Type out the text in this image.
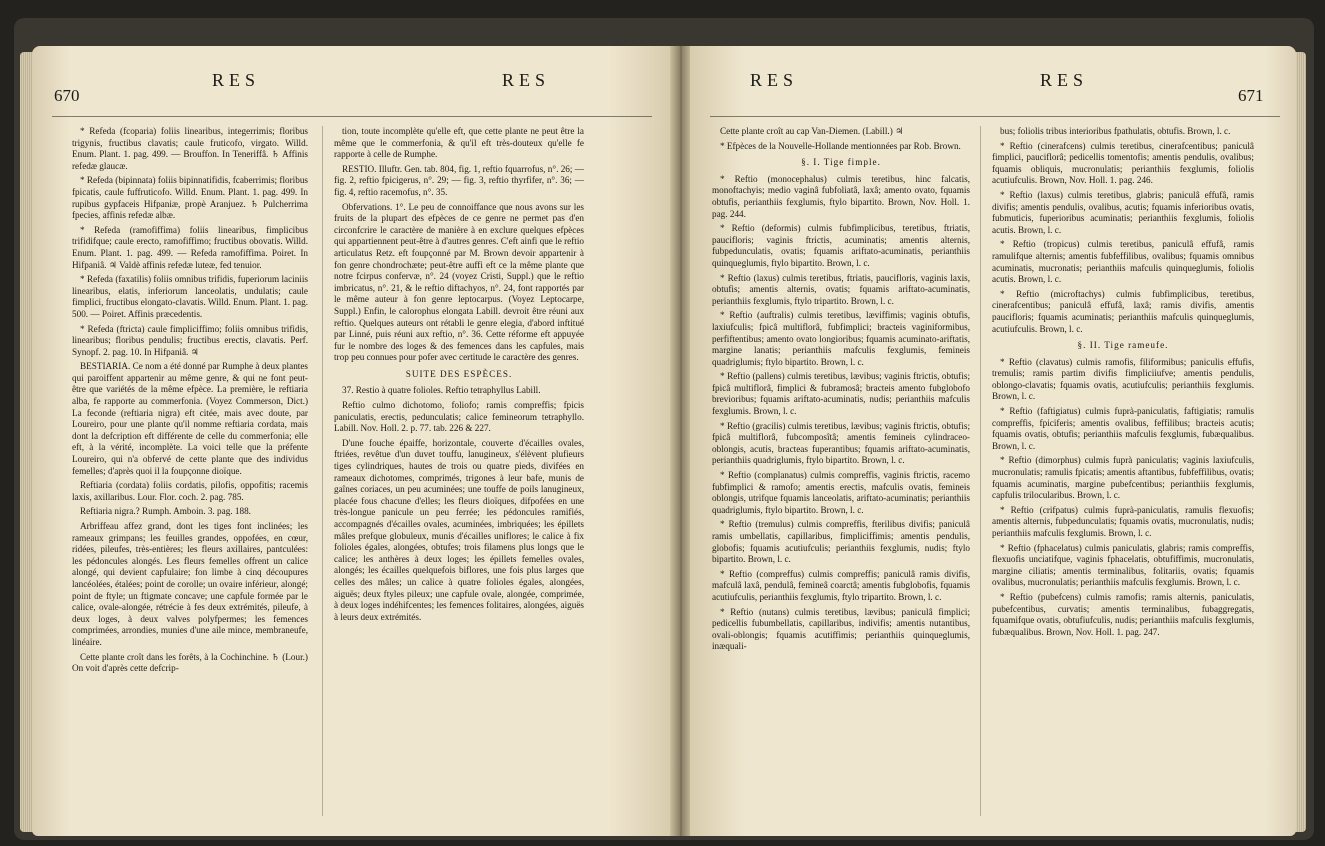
670
RES	RES

* Refeda (fcoparia) foliis linearibus, integerrimis; floribus trigynis, fructibus clavatis; caule fruticofo, virgato. Willd. Enum. Plant. 1. pag. 499. — Brouffon. In Teneriffâ. ♄ Affinis refedæ glaucæ.

* Refeda (bipinnata) foliis bipinnatifidis, fcaberrimis; floribus fpicatis, caule fuffruticofo. Willd. Enum. Plant. 1. pag. 499. In rupibus gypfaceis Hifpaniæ, propè Aranjuez. ♄ Pulcherrima fpecies, affinis refedæ albæ.

* Refeda (ramofiffima) foliis linearibus, fimplicibus trifidifque; caule erecto, ramofiffimo; fructibus obovatis. Willd. Enum. Plant. 1. pag. 499. — Refeda ramofiffima. Poiret. In Hifpaniâ. ♃ Valdè affinis refedæ luteæ, fed tenuior.

* Refeda (faxatilis) foliis omnibus trifidis, fuperiorum laciniis linearibus, elatis, inferiorum lanceolatis, undulatis; caule fimplici, fructibus elongato-clavatis. Willd. Enum. Plant. 1. pag. 500. — Poiret. Affinis præcedentis.

* Refeda (ftricta) caule fimpliciffimo; foliis omnibus trifidis, linearibus; floribus pendulis; fructibus erectis, clavatis. Perf. Synopf. 2. pag. 10. In Hifpaniâ. ♃

BESTIARIA. Ce nom a été donné par Rumphe à deux plantes qui paroiffent appartenir au même genre, & qui ne font peut-être que variétés de la même efpèce. La première, le reftiaria alba, fe rapporte au commerfonia. (Voyez Commerson, Dict.) La feconde (reftiaria nigra) eft citée, mais avec doute, par Loureiro, pour une plante qu'il nomme reftiaria cordata, mais dont la defcription eft différente de celle du commerfonia; elle eft, à la vérité, incomplète. La voici telle que la préfente Loureiro, qui n'a obfervé de cette plante que des individus femelles; d'après quoi il la foupçonne dioïque.

Reftiaria (cordata) foliis cordatis, pilofis, oppofitis; racemis laxis, axillaribus. Lour. Flor. coch. 2. pag. 785.

Reftiaria nigra.? Rumph. Amboin. 3. pag. 188.

Arbriffeau affez grand, dont les tiges font inclinées; les rameaux grimpans; les feuilles grandes, oppofées, en cœur, ridées, pileufes, très-entières; les fleurs axillaires, pantculées: les pédoncules alongés. Les fleurs femelles offrent un calice alongé, qui devient capfulaire; fon limbe à cinq découpures lancéolées, étalées; point de corolle; un ovaire inférieur, alongé; point de ftyle; un ftigmate concave; une capfule formée par le calice, ovale-alongée, rétrécie à fes deux extrémités, pileufe, à deux loges, à deux valves polyfpermes; les femences comprimées, arrondies, munies d'une aile mince, membraneufe, linéaire.

Cette plante croît dans les forêts, à la Cochinchine. ♄ (Lour.) On voit d'après cette defcrip-

tion, toute incomplète qu'elle eft, que cette plante ne peut être la même que le commerfonia, & qu'il eft très-douteux qu'elle fe rapporte à celle de Rumphe.

RESTIO. Illuftr. Gen. tab. 804, fig. 1, reftio fquarrofus, n°. 26; — fig. 2, reftio fpicigerus, n°. 29; — fig. 3, reftio thyrfifer, n°. 36; — fig. 4, reftio racemofus, n°. 35.

Obfervations. 1°. Le peu de connoiffance que nous avons sur les fruits de la plupart des efpèces de ce genre ne permet pas d'en circonfcrire le caractère de manière à en exclure quelques efpèces qui appartiennent peut-être à d'autres genres. C'eft ainfi que le reftio articulatus Retz. eft foupçonné par M. Brown devoir appartenir à fon genre chondrochæte; peut-être auffi eft ce la même plante que notre fcirpus confervæ, n°. 24 (voyez Cristi, Suppl.) que le reftio imbricatus, n°. 21, & le reftio diftachyos, n°. 24, font rapportés par le même auteur à fon genre leptocarpus. (Voyez Leptocarpe, Suppl.) Enfin, le calorophus elongata Labill. devroit être réuni aux reftio. Quelques auteurs ont rétabli le genre elegia, d'abord inftitué par Linné, puis réuni aux reftio, n°. 36. Cette réforme eft appuyée fur le nombre des loges & des femences dans les capfules, mais trop peu connues pour pofer avec certitude le caractère des genres.

SUITE DES ESPÈCES.

37. Restio à quatre folioles. Reftio tetraphyllus Labill.

Reftio culmo dichotomo, foliofo; ramis compreffis; fpicis paniculatis, erectis, pedunculatis; calice femineorum tetraphyllo. Labill. Nov. Holl. 2. p. 77. tab. 226 & 227.

D'une fouche épaiffe, horizontale, couverte d'écailles ovales, ftriées, revêtue d'un duvet touffu, lanugineux, s'élèvent plufieurs tiges cylindriques, hautes de trois ou quatre pieds, divifées en rameaux dichotomes, comprimés, trigones à leur bafe, munis de gaînes coriaces, un peu acuminées; une touffe de poils lanugineux, placée fous chacune d'elles; les fleurs dioïques, difpofées en une très-longue panicule un peu ferrée; les pédoncules ramifiés, accompagnés d'écailles ovales, acuminées, imbriquées; les épillets mâles prefque globuleux, munis d'écailles uniflores; le calice à fix folioles égales, alongées, obtufes; trois filamens plus longs que le calice; les anthères à deux loges; les épillets femelles ovales, alongés; les écailles quelquefois biflores, une fois plus larges que celles des mâles; un calice à quatre folioles égales, alongées, aiguës; deux ftyles pileux; une capfule ovale, alongée, comprimée, à deux loges indéhifcentes; les femences folitaires, alongées, aiguës à leurs deux extrémités.

RES	RES
671

Cette plante croît au cap Van-Diemen. (Labill.) ♃

* Efpèces de la Nouvelle-Hollande mentionnées par Rob. Brown.

§. I. Tige fimple.

* Reftio (monocephalus) culmis teretibus, hinc falcatis, monoftachyis; medio vaginâ fubfoliatâ, laxâ; amento ovato, fquamis obtufis, perianthiis fexglumis, ftylo bipartito. Brown, Nov. Holl. 1. pag. 244.

* Reftio (deformis) culmis fubfimplicibus, teretibus, ftriatis, paucifloris; vaginis ftrictis, acuminatis; amentis alternis, fubpedunculatis, ovatis; fquamis ariftato-acuminatis, perianthiis quinqueglumis, ftylo bipartito. Brown, l. c.

* Reftio (laxus) culmis teretibus, ftriatis, paucifloris, vaginis laxis, obtufis; amentis alternis, ovatis; fquamis ariftato-acuminatis, perianthiis fexglumis, ftylo tripartito. Brown, l. c.

* Reftio (auftralis) culmis teretibus, læviffimis; vaginis obtufis, laxiufculis; fpicâ multiflorâ, fubfimplici; bracteis vaginiformibus, perfiftentibus; amento ovato longioribus; fquamis acuminato-ariftatis, margine lanatis; perianthiis mafculis fexglumis, femineis quadriglumis; ftylo bipartito. Brown, l. c.

* Reftio (pallens) culmis teretibus, lævibus; vaginis ftrictis, obtufis; fpicâ multiflorâ, fimplici & fubramosâ; bracteis amento fubglobofo brevioribus; fquamis ariftato-acuminatis, nudis; perianthiis mafculis fexglumis. Brown, l. c.

* Reftio (gracilis) culmis teretibus, lævibus; vaginis ftrictis, obtufis; fpicâ multiflorâ, fubcomposîtâ; amentis femineis cylindraceo-oblongis, acutis, bracteas fuperantibus; fquamis ariftato-acuminatis, perianthiis quadriglumis, ftylo bipartito. Brown, l. c.

* Reftio (complanatus) culmis compreffis, vaginis ftrictis, racemo fubfimplici & ramofo; amentis erectis, mafculis ovatis, femineis oblongis, utrifque fquamis lanceolatis, ariftato-acuminatis; perianthiis quadriglumis, ftylo bipartito. Brown, l. c.

* Reftio (tremulus) culmis compreffis, fterilibus divifis; paniculâ ramis umbellatis, capillaribus, fimpliciffimis; amentis pendulis, globofis; fquamis acutiufculis; perianthiis fexglumis, nudis; ftylo bipartito. Brown, l. c.

* Reftio (compreffus) culmis compreffis; paniculâ ramis divifis, mafculâ laxâ, pendulâ, femineâ coarctâ; amentis fubglobofis, fquamis acutiufculis, perianthiis fexglumis, ftylo tripartito. Brown, l. c.

* Reftio (nutans) culmis teretibus, lævibus; paniculâ fimplici; pedicellis fubumbellatis, capillaribus, indivifis; amentis nutantibus, ovali-oblongis; fquamis acutiffimis; perianthiis quinqueglumis, inæquali-

bus; foliolis tribus interioribus fpathulatis, obtufis. Brown, l. c.

* Reftio (cinerafcens) culmis teretibus, cinerafcentibus; paniculâ fimplici, pauciflorâ; pedicellis tomentofis; amentis pendulis, ovalibus; fquamis obliquis, mucronulatis; perianthiis fexglumis, foliolis acutiufculis. Brown, Nov. Holl. 1. pag. 246.

* Reftio (laxus) culmis teretibus, glabris; paniculâ effufâ, ramis divifis; amentis pendulis, ovalibus, acutis; fquamis inferioribus ovatis, fubmuticis, fuperioribus acuminatis; perianthiis fexglumis, foliolis acutis. Brown, l. c.

* Reftio (tropicus) culmis teretibus, paniculâ effufâ, ramis ramulifque alternis; amentis fubfeffilibus, ovalibus; fquamis omnibus acuminatis, mucronatis; perianthiis mafculis quinqueglumis, foliolis acutis. Brown, l. c.

* Reftio (microftachys) culmis fubfimplicibus, teretibus, cinerafcentibus; paniculâ effufâ, laxâ; ramis divifis, amentis paucifloris; fquamis acuminatis; perianthiis mafculis quinqueglumis, acutiufculis. Brown, l. c.

§. II. Tige rameufe.

* Reftio (clavatus) culmis ramofis, filiformibus; paniculis effufis, tremulis; ramis partim divifis fimpliciiufve; amentis pendulis, oblongo-clavatis; fquamis ovatis, acutiufculis; perianthiis fexglumis. Brown, l. c.

* Reftio (faftigiatus) culmis fuprà-paniculatis, faftigiatis; ramulis compreffis, fpiciferis; amentis ovalibus, feffilibus; bracteis acutis; fquamis ovatis, obtufis; perianthiis mafculis fexglumis, fubæqualibus. Brown, l. c.

* Reftio (dimorphus) culmis fuprà paniculatis; vaginis laxiufculis, mucronulatis; ramulis fpicatis; amentis aftantibus, fubfeffilibus, ovatis; fquamis acuminatis, margine pubefcentibus; perianthiis fexglumis, capfulis trilocularibus. Brown, l. c.

* Reftio (crifpatus) culmis fuprà-paniculatis, ramulis flexuofis; amentis alternis, fubpedunculatis; fquamis ovatis, mucronulatis, nudis; perianthiis mafculis fexglumis. Brown, l. c.

* Reftio (fphacelatus) culmis paniculatis, glabris; ramis compreffis, flexuofis unciatifque, vaginis fphacelatis, obtufiffimis, mucronulatis, margine ciliatis; amentis terminalibus, folitariis, ovatis; fquamis ovalibus, mucronulatis; perianthiis mafculis fexglumis. Brown, l. c.

* Reftio (pubefcens) culmis ramofis; ramis alternis, paniculatis, pubefcentibus, curvatis; amentis terminalibus, fubaggregatis, fquamifque ovatis, obtufiufculis, nudis; perianthiis mafculis fexglumis, fubæqualibus. Brown, Nov. Holl. 1. pag. 247.
